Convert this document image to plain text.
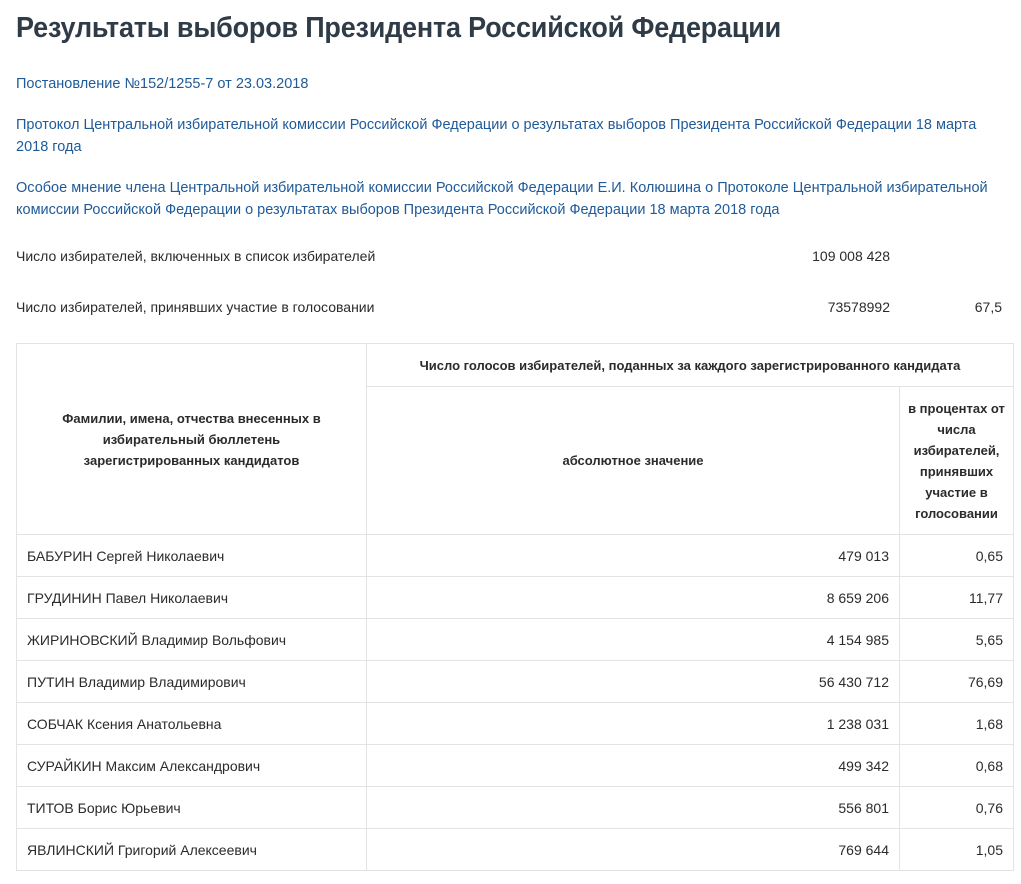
Результаты выборов Президента Российской Федерации
Постановление №152/1255-7 от 23.03.2018
Протокол Центральной избирательной комиссии Российской Федерации о результатах выборов Президента Российской Федерации 18 марта 2018 года
Особое мнение члена Центральной избирательной комиссии Российской Федерации Е.И. Колюшина о Протоколе Центральной избирательной комиссии Российской Федерации о результатах выборов Президента Российской Федерации 18 марта 2018 года
Число избирателей, включенных в список избирателей	109 008 428
Число избирателей, принявших участие в голосовании	73578992	67,5
Фамилии, имена, отчества внесенных в избирательный бюллетень зарегистрированных кандидатов	Число голосов избирателей, поданных за каждого зарегистрированного кандидата	
	абсолютное значение	в процентах от числа избирателей, принявших участие в голосовании
БАБУРИН Сергей Николаевич	479 013	0,65
ГРУДИНИН Павел Николаевич	8 659 206	11,77
ЖИРИНОВСКИЙ Владимир Вольфович	4 154 985	5,65
ПУТИН Владимир Владимирович	56 430 712	76,69
СОБЧАК Ксения Анатольевна	1 238 031	1,68
СУРАЙКИН Максим Александрович	499 342	0,68
ТИТОВ Борис Юрьевич	556 801	0,76
ЯВЛИНСКИЙ Григорий Алексеевич	769 644	1,05
